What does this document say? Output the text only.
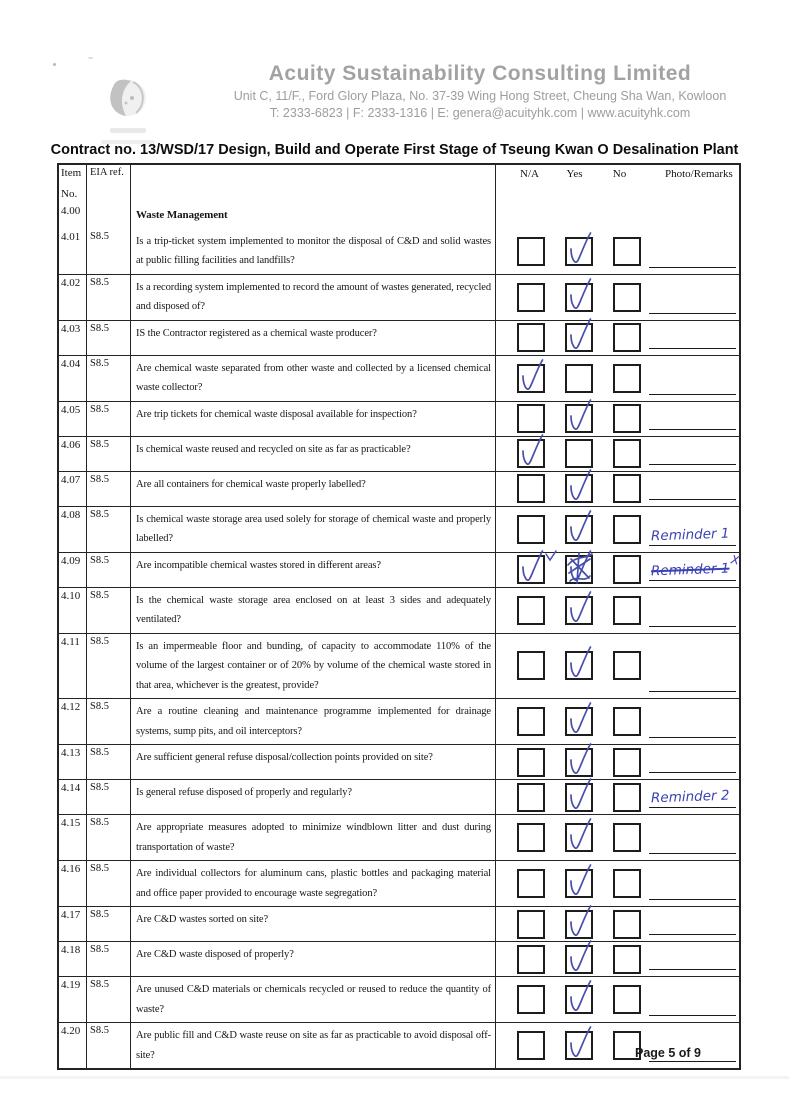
Acuity Sustainability Consulting Limited
Unit C, 11/F., Ford Glory Plaza, No. 37-39 Wing Hong Street, Cheung Sha Wan, Kowloon
T: 2333-6823 | F: 2333-1316 | E: genera@acuityhk.com | www.acuityhk.com
Contract no. 13/WSD/17 Design, Build and Operate First Stage of Tseung Kwan O Desalination Plant
Item
No.
EIA ref.	N/A	Yes	No	Photo/Remarks
4.00	Waste Management
4.01 S8.5	Is a trip-ticket system implemented to monitor the disposal of C&D and solid wastes at public filling facilities and landfills?
4.02 S8.5	Is a recording system implemented to record the amount of wastes generated, recycled and disposed of?
4.03 S8.5	IS the Contractor registered as a chemical waste producer?
4.04 S8.5	Are chemical waste separated from other waste and collected by a licensed chemical waste collector?
4.05 S8.5	Are trip tickets for chemical waste disposal available for inspection?
4.06 S8.5	Is chemical waste reused and recycled on site as far as practicable?
4.07 S8.5	Are all containers for chemical waste properly labelled?
4.08 S8.5	Is chemical waste storage area used solely for storage of chemical waste and properly labelled?	Reminder 1
4.09 S8.5	Are incompatible chemical wastes stored in different areas?	Reminder 1
X
4.10 S8.5	Is the chemical waste storage area enclosed on at least 3 sides and adequately ventilated?
4.11 S8.5	Is an impermeable floor and bunding, of capacity to accommodate 110% of the volume of the largest container or of 20% by volume of the chemical waste stored in that area, whichever is the greatest, provide?
4.12 S8.5	Are a routine cleaning and maintenance programme implemented for drainage systems, sump pits, and oil interceptors?
4.13 S8.5	Are sufficient general refuse disposal/collection points provided on site?
4.14 S8.5	Is general refuse disposed of properly and regularly?	Reminder 2
4.15 S8.5	Are appropriate measures adopted to minimize windblown litter and dust during transportation of waste?
4.16 S8.5	Are individual collectors for aluminum cans, plastic bottles and packaging material and office paper provided to encourage waste segregation?
4.17 S8.5	Are C&D wastes sorted on site?
4.18 S8.5	Are C&D waste disposed of properly?
4.19 S8.5	Are unused C&D materials or chemicals recycled or reused to reduce the quantity of waste?
4.20 S8.5	Are public fill and C&D waste reuse on site as far as practicable to avoid disposal off-site?	Page 5 of 9
